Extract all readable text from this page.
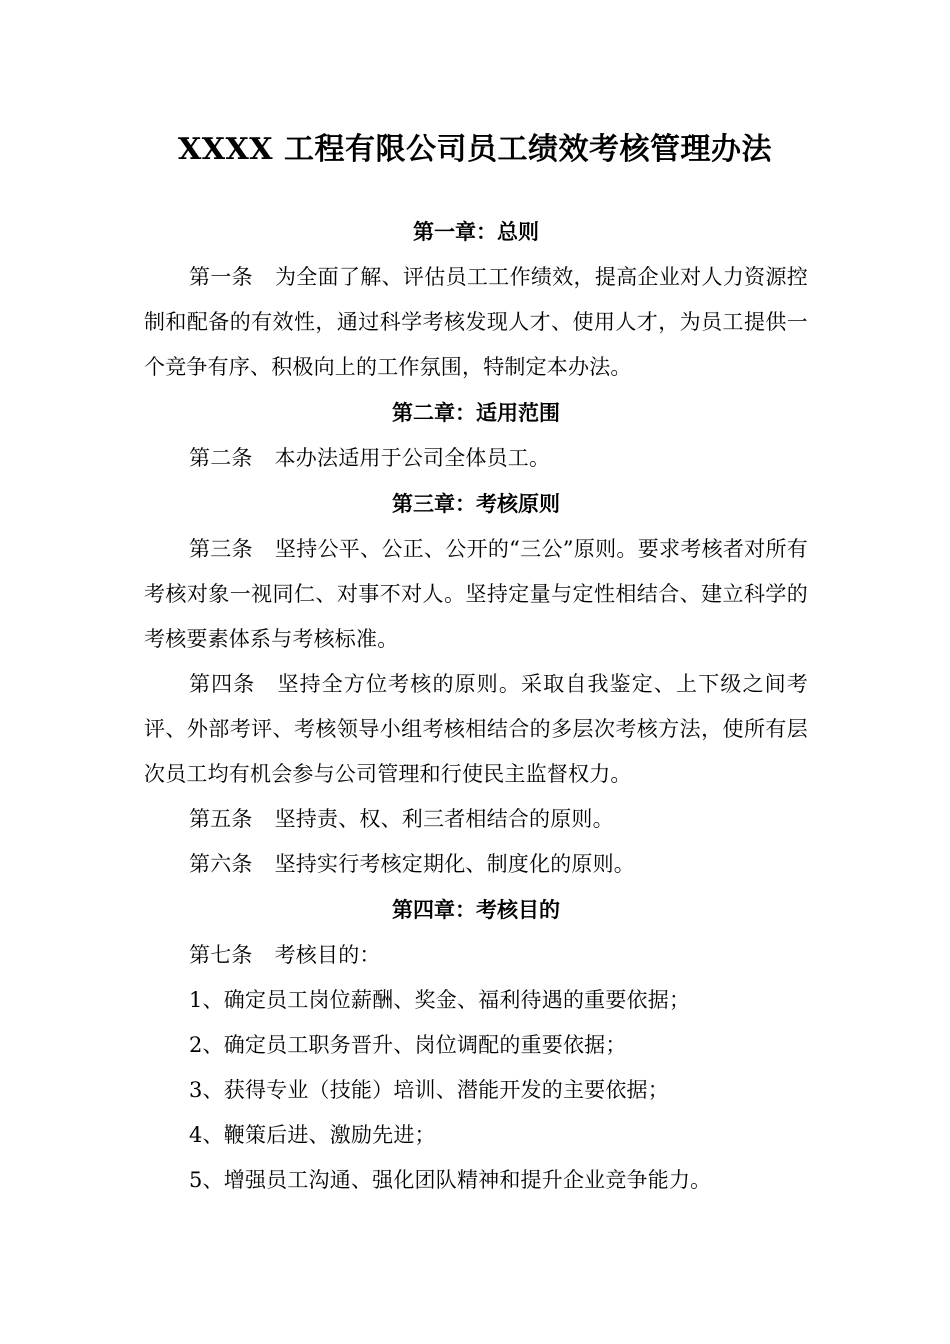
XXXX 工程有限公司员工绩效考核管理办法

第一章：总则

第一条 为全面了解、评估员工工作绩效，提高企业对人力资源控制和配备的有效性，通过科学考核发现人才、使用人才，为员工提供一个竞争有序、积极向上的工作氛围，特制定本办法。

第二章：适用范围

第二条 本办法适用于公司全体员工。

第三章：考核原则

第三条 坚持公平、公正、公开的“三公”原则。要求考核者对所有考核对象一视同仁、对事不对人。坚持定量与定性相结合、建立科学的考核要素体系与考核标准。

第四条 坚持全方位考核的原则。采取自我鉴定、上下级之间考评、外部考评、考核领导小组考核相结合的多层次考核方法，使所有层次员工均有机会参与公司管理和行使民主监督权力。

第五条 坚持责、权、利三者相结合的原则。

第六条 坚持实行考核定期化、制度化的原则。

第四章：考核目的

第七条 考核目的：

1、确定员工岗位薪酬、奖金、福利待遇的重要依据；

2、确定员工职务晋升、岗位调配的重要依据；

3、获得专业（技能）培训、潜能开发的主要依据；

4、鞭策后进、激励先进；

5、增强员工沟通、强化团队精神和提升企业竞争能力。
